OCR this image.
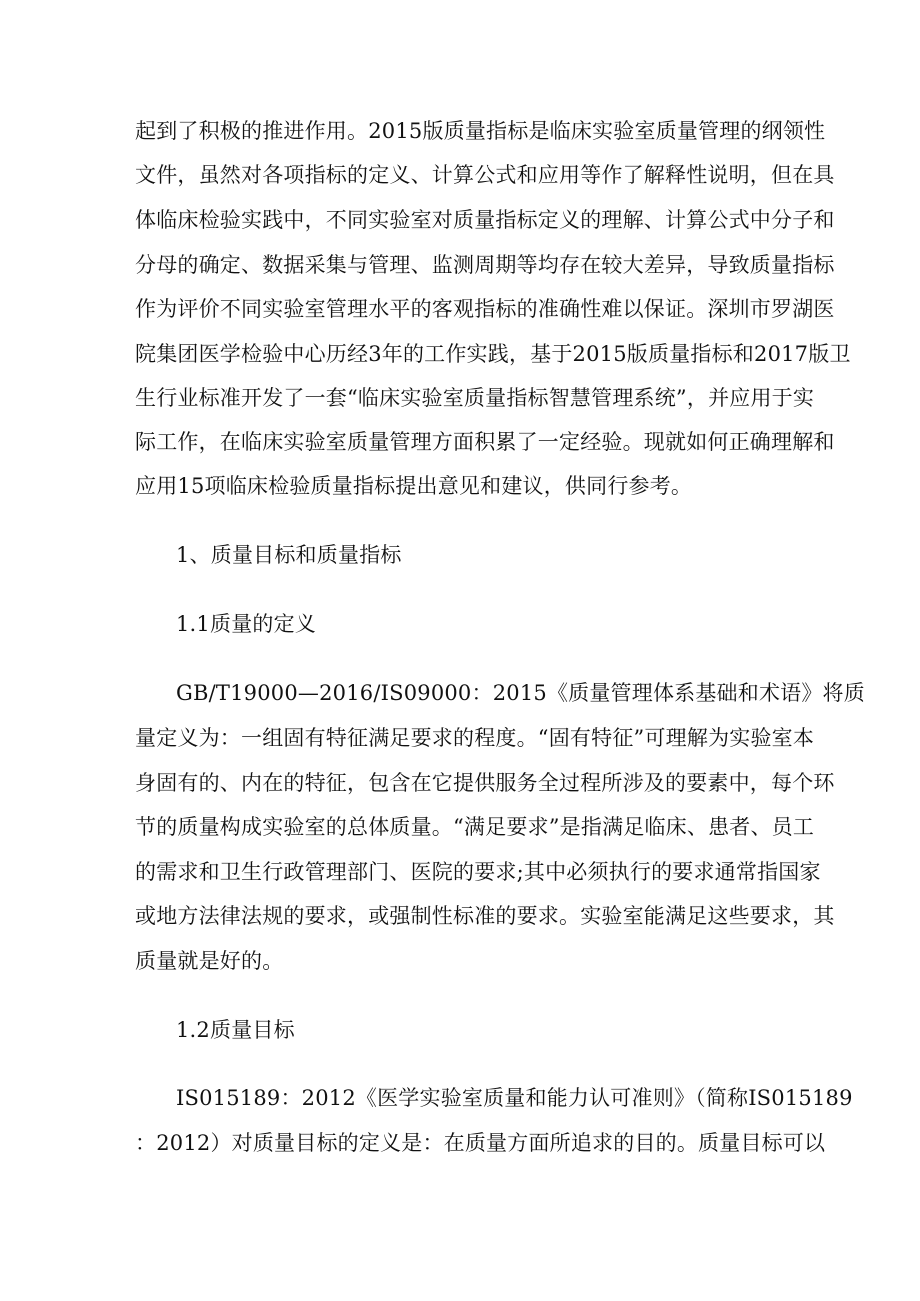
起到了积极的推进作用。2015版质量指标是临床实验室质量管理的纲领性
文件，虽然对各项指标的定义、计算公式和应用等作了解释性说明，但在具
体临床检验实践中，不同实验室对质量指标定义的理解、计算公式中分子和
分母的确定、数据采集与管理、监测周期等均存在较大差异，导致质量指标
作为评价不同实验室管理水平的客观指标的准确性难以保证。深圳市罗湖医
院集团医学检验中心历经3年的工作实践，基于2015版质量指标和2017版卫
生行业标准开发了一套“临床实验室质量指标智慧管理系统”，并应用于实
际工作，在临床实验室质量管理方面积累了一定经验。现就如何正确理解和
应用15项临床检验质量指标提出意见和建议，供同行参考。
1、质量目标和质量指标
1.1质量的定义
GB/T19000—2016/IS09000：2015《质量管理体系基础和术语》将质
量定义为：一组固有特征满足要求的程度。“固有特征”可理解为实验室本
身固有的、内在的特征，包含在它提供服务全过程所涉及的要素中，每个环
节的质量构成实验室的总体质量。“满足要求”是指满足临床、患者、员工
的需求和卫生行政管理部门、医院的要求;其中必须执行的要求通常指国家
或地方法律法规的要求，或强制性标准的要求。实验室能满足这些要求，其
质量就是好的。
1.2质量目标
IS015189：2012《医学实验室质量和能力认可准则》（简称IS015189
：2012）对质量目标的定义是：在质量方面所追求的目的。质量目标可以
